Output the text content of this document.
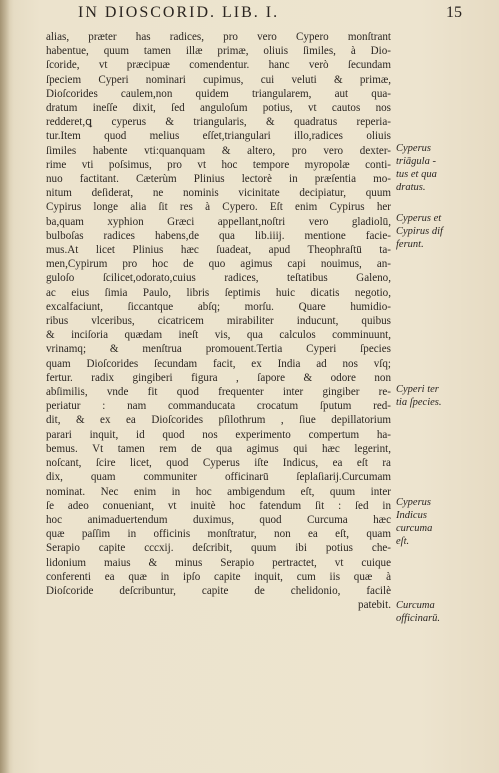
IN DIOSCORID. LIB. I.	15
alias, præter has radices, pro vero Cypero monſtrant
habentue, quum tamen illæ primæ, oliuis ſimiles, à Dio-
ſcoride, vt præcipuæ comendentur. hanc verò ſecundam
ſpeciem Cyperi nominari cupimus, cui veluti & primæ,
Dioſcorides caulem,non quidem triangularem, aut qua-
dratum ineſſe dixit, ſed anguloſum potius, vt cautos nos
redderet,ꝗ cyperus & triangularis, & quadratus reperia-
tur.Item quod melius eſſet,triangulari illo,radices oliuis
ſimiles habente vti:quanquam & altero, pro vero dexter-
rime vti poſsimus, pro vt hoc tempore myropolæ conti-
nuo factitant. Cæterùm Plinius lectorè in præſentia mo-
nitum deſiderat, ne nominis vicinitate decipiatur, quum
Cypirus longe alia ſit res à Cypero. Eſt enim Cypirus her
ba,quam xyphion Græci appellant,noſtri vero gladiolū,
bulboſas radices habens,de qua lib.iiij. mentione facie-
mus.At licet Plinius hæc ſuadeat, apud Theophraſtū ta-
men,Cypirum pro hoc de quo agimus capi nouimus, an-
guloſo ſcilicet,odorato,cuius radices, teſtatibus Galeno,
ac eius ſimia Paulo, libris ſeptimis huic dicatis negotio,
excalfaciunt, ſiccantque abſq; morſu. Quare humidio-
ribus vlceribus, cicatricem mirabiliter inducunt, quibus
& inciſoria quædam ineſt vis, qua calculos comminuunt,
vrinamq; & menſtrua promouent.Tertia Cyperi ſpecies
quam Dioſcorides ſecundam facit, ex India ad nos vſq;
fertur. radix gingiberi figura , ſapore & odore non
abſimilis, vnde fit quod frequenter inter gingiber re-
periatur : nam commanducata crocatum ſputum red-
dit, & ex ea Dioſcorides pſilothrum , ſiue depillatorium
parari inquit, id quod nos experimento compertum ha-
bemus. Vt tamen rem de qua agimus qui hæc legerint,
noſcant, ſcire licet, quod Cyperus iſte Indicus, ea eſt ra
dix, quam communiter officinarū ſeplaſiarij.Curcumam
nominat. Nec enim in hoc ambigendum eſt, quum inter
ſe adeo conueniant, vt inuitè hoc fatendum ſit : ſed in
hoc animaduertendum duximus, quod Curcuma hæc
quæ paſſim in officinis monſtratur, non ea eſt, quam
Serapio capite cccxij. deſcribit, quum ibi potius che-
lidonium maius & minus Serapio pertractet, vt cuique
conferenti ea quæ in ipſo capite inquit, cum iis quæ à
Dioſcoride deſcribuntur, capite de chelidonio, facilè
patebit.
Cyperus
triāgula -
tus et qua
dratus.
Cyperus et
Cypirus dif
ferunt.
Cyperi ter
tia ſpecies.
Cyperus
Indicus
curcuma
eſt.
Curcuma
officinarū.
